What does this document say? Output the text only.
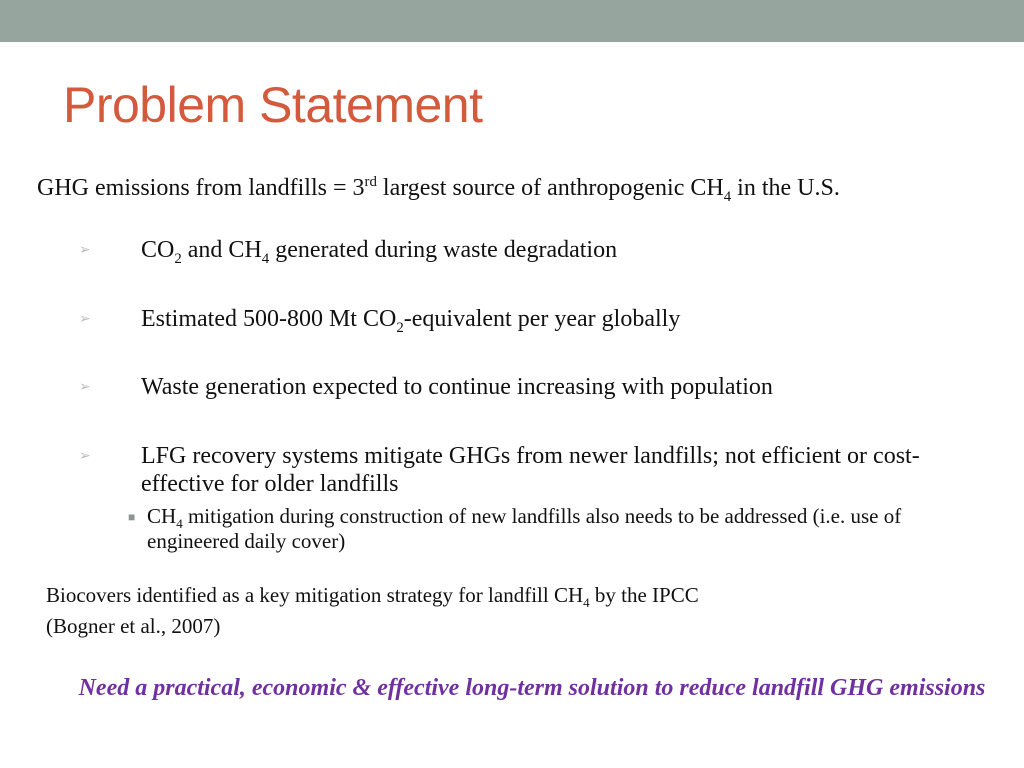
Problem Statement
GHG emissions from landfills = 3rd largest source of anthropogenic $CH_4$ in the U.S.
➢	$CO_2$ and $CH_4$ generated during waste degradation
➢	Estimated 500-800 Mt $CO_2$-equivalent per year globally
➢	Waste generation expected to continue increasing with population
➢	LFG recovery systems mitigate GHGs from newer landfills; not efficient or cost-effective for older landfills
■ $CH_4$ mitigation during construction of new landfills also needs to be addressed (i.e. use of engineered daily cover)
Biocovers identified as a key mitigation strategy for landfill $CH_4$ by the IPCC
(Bogner et al., 2007)
Need a practical, economic & effective long-term solution to reduce landfill GHG emissions
